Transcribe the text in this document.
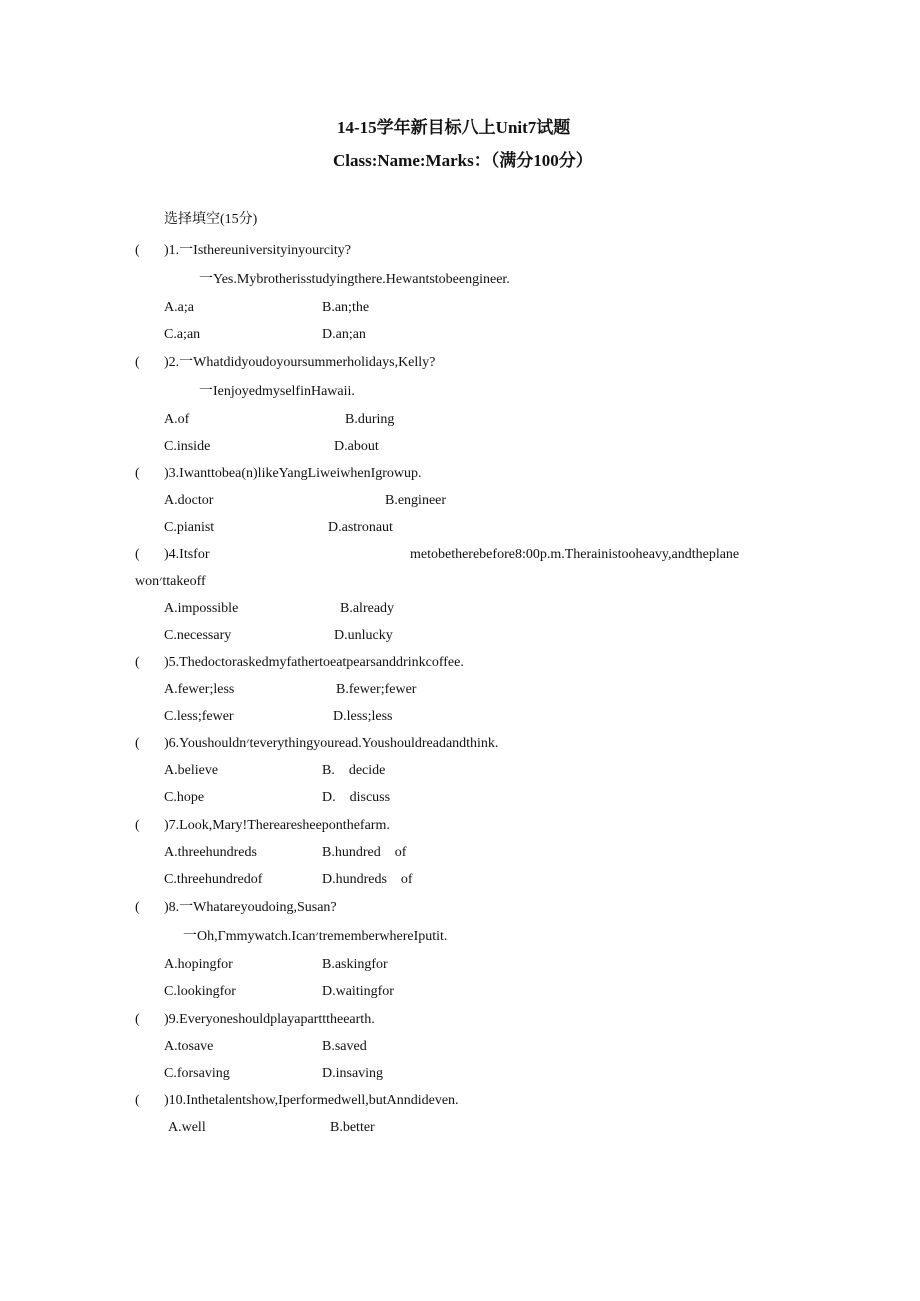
14-15学年新目标八上Unit7试题
Class:Name:Marks：（满分100分）
选择填空(15分)
( )1.一Isthereuniversityinyourcity?
一Yes.Mybrotherisstudyingthere.Hewantstobeengineer.
A.a;a	B.an;the
C.a;an	D.an;an
( )2.一Whatdidyoudoyoursummerholidays,Kelly?
一IenjoyedmyselfinHawaii.
A.of	B.during
C.inside	D.about
( )3.Iwanttobea(n)likeYangLiweiwhenIgrowup.
A.doctor	B.engineer
C.pianist	D.astronaut
( )4.Itsfor	metobetherebefore8:00p.m.Therainistooheavy,andtheplane
won׳ttakeoff
A.impossible	B.already
C.necessary	D.unlucky
( )5.Thedoctoraskedmyfathertoeatpearsanddrinkcoffee.
A.fewer;less	B.fewer;fewer
C.less;fewer	D.less;less
( )6.Youshouldn׳teverythingyouread.Youshouldreadandthink.
A.believe	B.　decide
C.hope	D.　discuss
( )7.Look,Mary!Therearesheeponthefarm.
A.threehundreds	B.hundred　of
C.threehundredof	D.hundreds　of
( )8.一Whatareyoudoing,Susan?
一Oh,Γmmywatch.Ican׳trememberwhereIputit.
A.hopingfor	B.askingfor
C.lookingfor	D.waitingfor
( )9.Everyoneshouldplayapartttheearth.
A.tosave	B.saved
C.forsaving	D.insaving
( )10.Inthetalentshow,Iperformedwell,butAnndideven.
A.well	B.better
